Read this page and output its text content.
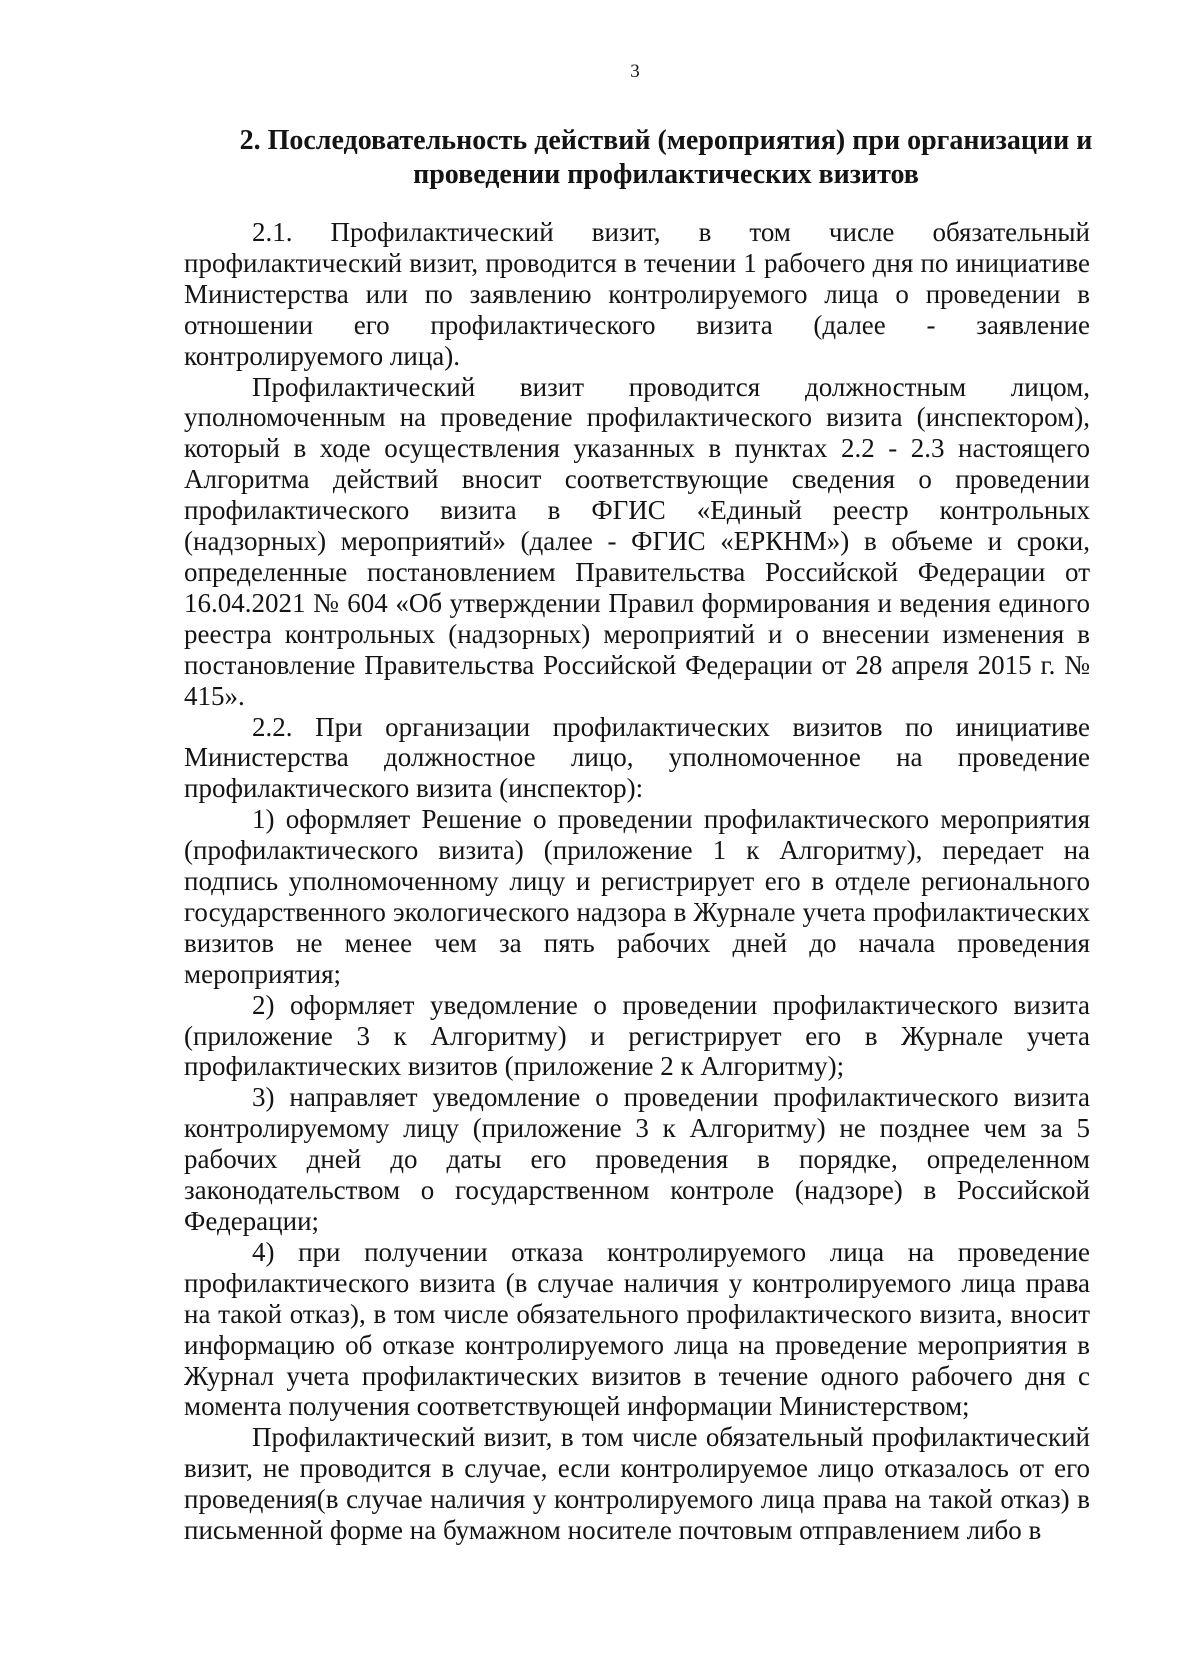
3
2. Последовательность действий (мероприятия) при организации и
проведении профилактических визитов

2.1. Профилактический визит, в том числе обязательный профилактический визит, проводится в течении 1 рабочего дня по инициативе Министерства или по заявлению контролируемого лица о проведении в отношении его профилактического визита (далее - заявление контролируемого лица).

Профилактический визит проводится должностным лицом, уполномоченным на проведение профилактического визита (инспектором), который в ходе осуществления указанных в пунктах 2.2 - 2.3 настоящего Алгоритма действий вносит соответствующие сведения о проведении профилактического визита в ФГИС «Единый реестр контрольных (надзорных) мероприятий» (далее - ФГИС «ЕРКНМ») в объеме и сроки, определенные постановлением Правительства Российской Федерации от 16.04.2021 № 604 «Об утверждении Правил формирования и ведения единого реестра контрольных (надзорных) мероприятий и о внесении изменения в постановление Правительства Российской Федерации от 28 апреля 2015 г. № 415».

2.2. При организации профилактических визитов по инициативе Министерства должностное лицо, уполномоченное на проведение профилактического визита (инспектор):

1) оформляет Решение о проведении профилактического мероприятия (профилактического визита) (приложение 1 к Алгоритму), передает на подпись уполномоченному лицу и регистрирует его в отделе регионального государственного экологического надзора в Журнале учета профилактических визитов не менее чем за пять рабочих дней до начала проведения мероприятия;

2) оформляет уведомление о проведении профилактического визита (приложение 3 к Алгоритму) и регистрирует его в Журнале учета профилактических визитов (приложение 2 к Алгоритму);

3) направляет уведомление о проведении профилактического визита контролируемому лицу (приложение 3 к Алгоритму) не позднее чем за 5 рабочих дней до даты его проведения в порядке, определенном законодательством о государственном контроле (надзоре) в Российской Федерации;

4) при получении отказа контролируемого лица на проведение профилактического визита (в случае наличия у контролируемого лица права на такой отказ), в том числе обязательного профилактического визита, вносит информацию об отказе контролируемого лица на проведение мероприятия в Журнал учета профилактических визитов в течение одного рабочего дня с момента получения соответствующей информации Министерством;

Профилактический визит, в том числе обязательный профилактический визит, не проводится в случае, если контролируемое лицо отказалось от его проведения(в случае наличия у контролируемого лица права на такой отказ) в письменной форме на бумажном носителе почтовым отправлением либо в
